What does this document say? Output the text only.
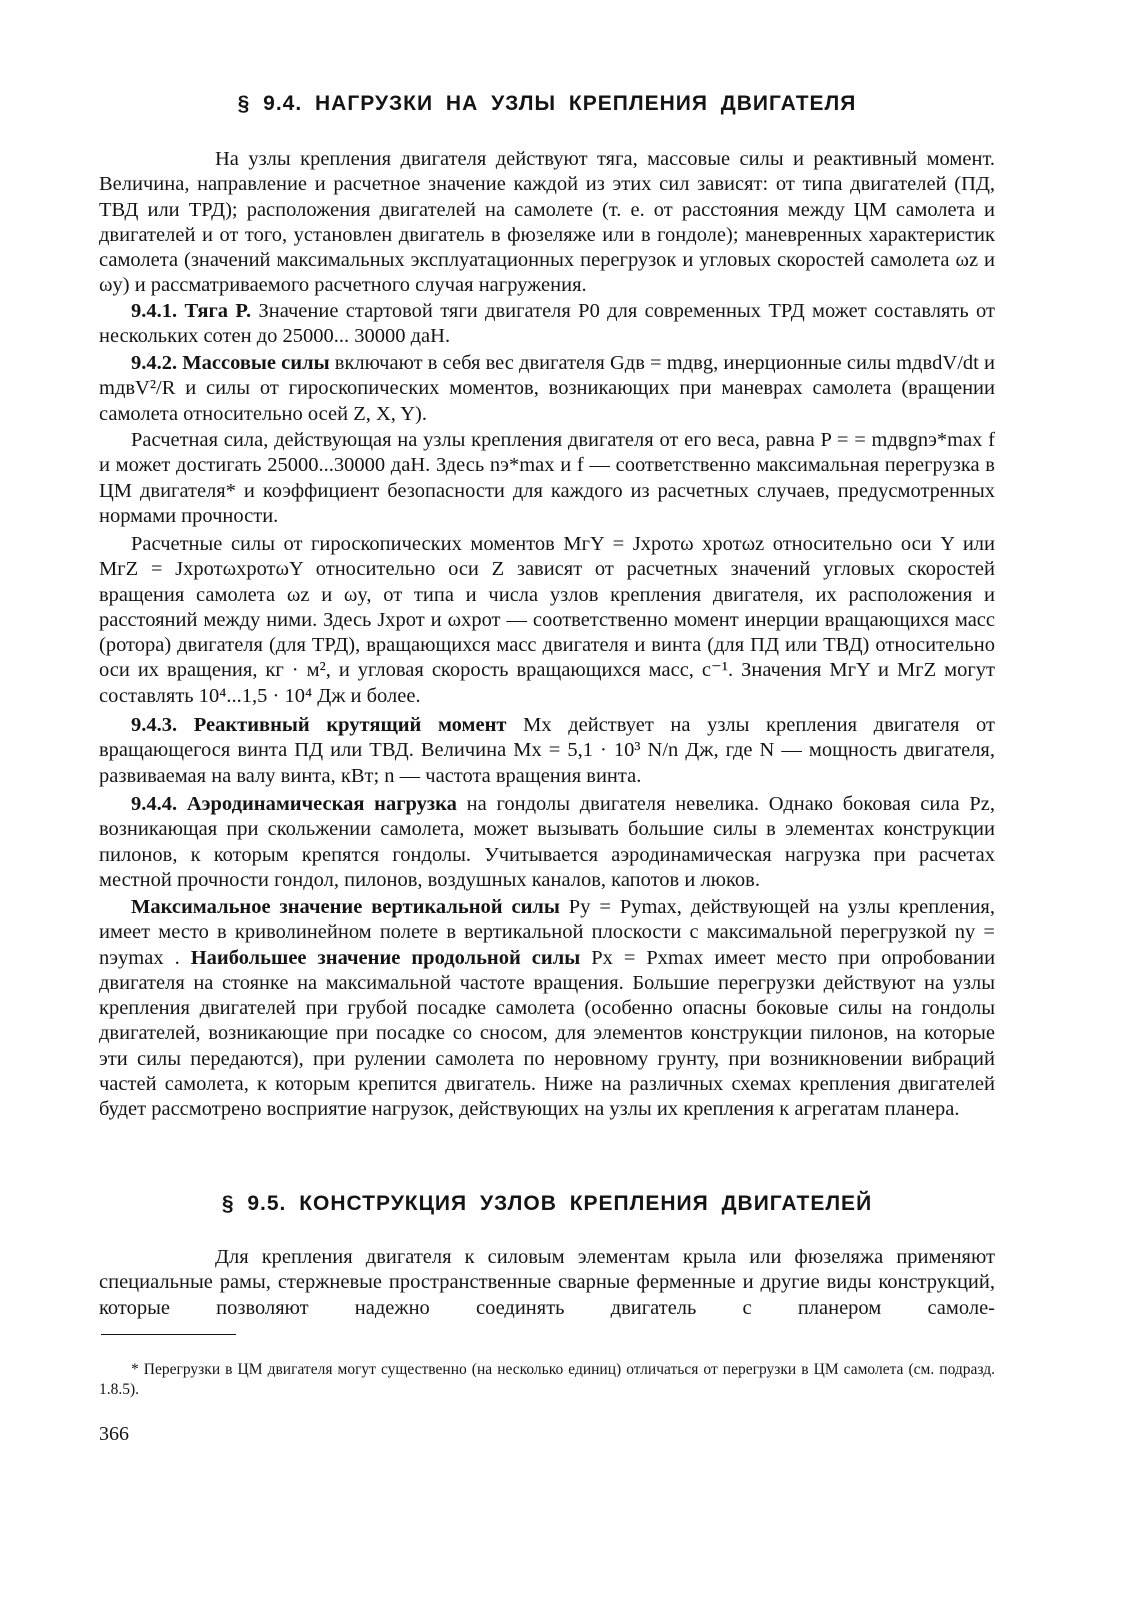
§ 9.4. НАГРУЗКИ НА УЗЛЫ КРЕПЛЕНИЯ ДВИГАТЕЛЯ

На узлы крепления двигателя действуют тяга, массовые силы и реактивный момент. Величина, направление и расчетное значение каждой из этих сил зависят: от типа двигателей (ПД, ТВД или ТРД); расположения двигателей на самолете (т. е. от расстояния между ЦМ самолета и двигателей и от того, установлен двигатель в фюзеляже или в гондоле); маневренных характеристик самолета (значений максимальных эксплуатационных перегрузок и угловых скоростей самолета ωz и ωy) и рассматриваемого расчетного случая нагружения.

9.4.1. Тяга P. Значение стартовой тяги двигателя P0 для современных ТРД может составлять от нескольких сотен до 25000... 30000 даН.

9.4.2. Массовые силы включают в себя вес двигателя Gдв = mдвg, инерционные силы mдвdV/dt и mдвV²/R и силы от гироскопических моментов, возникающих при маневрах самолета (вращении самолета относительно осей Z, X, Y).

Расчетная сила, действующая на узлы крепления двигателя от его веса, равна P = = mдвgnэ*max f и может достигать 25000...30000 даН. Здесь nэ*max и f — соответственно максимальная перегрузка в ЦМ двигателя* и коэффициент безопасности для каждого из расчетных случаев, предусмотренных нормами прочности.

Расчетные силы от гироскопических моментов MгY = Jxротω xротωz относительно оси Y или MгZ = JxротωxротωY относительно оси Z зависят от расчетных значений угловых скоростей вращения самолета ωz и ωy, от типа и числа узлов крепления двигателя, их расположения и расстояний между ними. Здесь Jxрот и ωxрот — соответственно момент инерции вращающихся масс (ротора) двигателя (для ТРД), вращающихся масс двигателя и винта (для ПД или ТВД) относительно оси их вращения, кг · м², и угловая скорость вращающихся масс, с⁻¹. Значения MгY и MгZ могут составлять 10⁴...1,5 · 10⁴ Дж и более.

9.4.3. Реактивный крутящий момент Mx действует на узлы крепления двигателя от вращающегося винта ПД или ТВД. Величина Mx = 5,1 · 10³ N/n Дж, где N — мощность двигателя, развиваемая на валу винта, кВт; n — частота вращения винта.

9.4.4. Аэродинамическая нагрузка на гондолы двигателя невелика. Однако боковая сила Pz, возникающая при скольжении самолета, может вызывать большие силы в элементах конструкции пилонов, к которым крепятся гондолы. Учитывается аэродинамическая нагрузка при расчетах местной прочности гондол, пилонов, воздушных каналов, капотов и люков.

Максимальное значение вертикальной силы Py = Pymax, действующей на узлы крепления, имеет место в криволинейном полете в вертикальной плоскости с максимальной перегрузкой ny = nэymax . Наибольшее значение продольной силы Px = Pxmax имеет место при опробовании двигателя на стоянке на максимальной частоте вращения. Большие перегрузки действуют на узлы крепления двигателей при грубой посадке самолета (особенно опасны боковые силы на гондолы двигателей, возникающие при посадке со сносом, для элементов конструкции пилонов, на которые эти силы передаются), при рулении самолета по неровному грунту, при возникновении вибраций частей самолета, к которым крепится двигатель. Ниже на различных схемах крепления двигателей будет рассмотрено восприятие нагрузок, действующих на узлы их крепления к агрегатам планера.

§ 9.5. КОНСТРУКЦИЯ УЗЛОВ КРЕПЛЕНИЯ ДВИГАТЕЛЕЙ

Для крепления двигателя к силовым элементам крыла или фюзеляжа применяют специальные рамы, стержневые пространственные сварные ферменные и другие виды конструкций, которые позволяют надежно соединять двигатель с планером самоле-

* Перегрузки в ЦМ двигателя могут существенно (на несколько единиц) отличаться от перегрузки в ЦМ самолета (см. подразд. 1.8.5).

366
